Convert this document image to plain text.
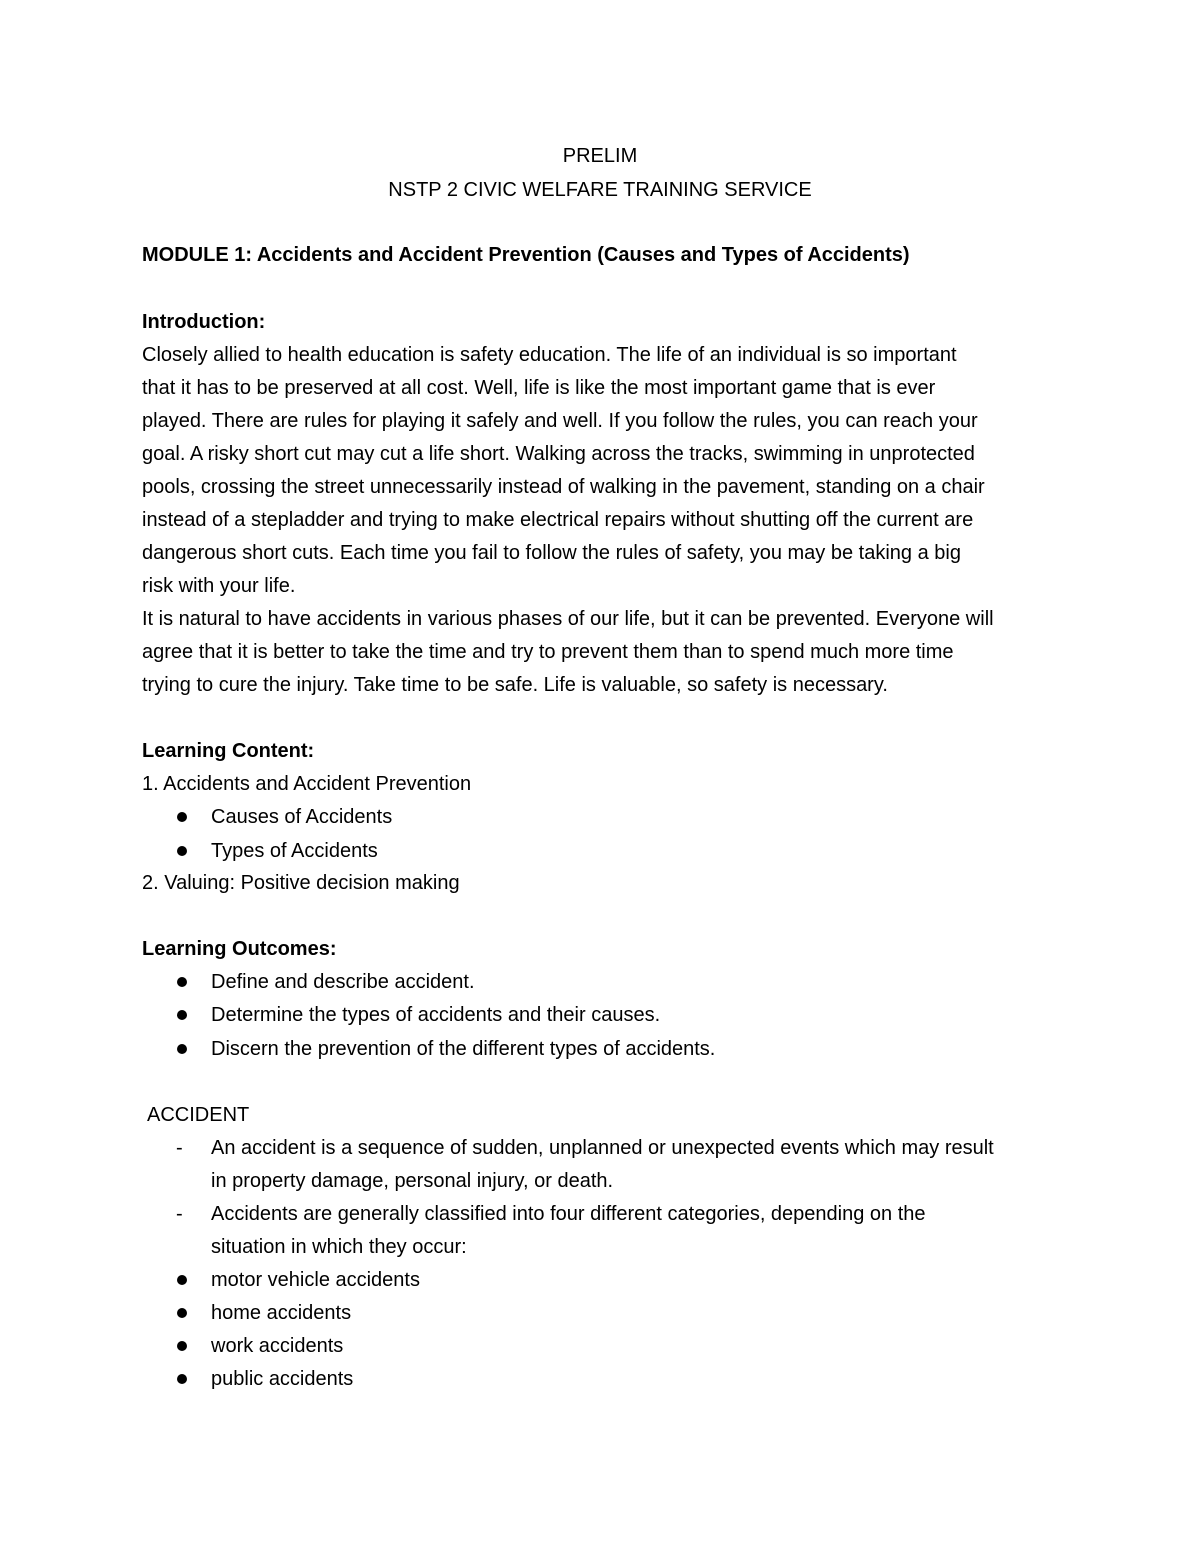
PRELIM
NSTP 2 CIVIC WELFARE TRAINING SERVICE
MODULE 1: Accidents and Accident Prevention (Causes and Types of Accidents)
Introduction:
Closely allied to health education is safety education. The life of an individual is so important
that it has to be preserved at all cost. Well, life is like the most important game that is ever
played. There are rules for playing it safely and well. If you follow the rules, you can reach your
goal. A risky short cut may cut a life short. Walking across the tracks, swimming in unprotected
pools, crossing the street unnecessarily instead of walking in the pavement, standing on a chair
instead of a stepladder and trying to make electrical repairs without shutting off the current are
dangerous short cuts. Each time you fail to follow the rules of safety, you may be taking a big
risk with your life.
It is natural to have accidents in various phases of our life, but it can be prevented. Everyone will
agree that it is better to take the time and try to prevent them than to spend much more time
trying to cure the injury. Take time to be safe. Life is valuable, so safety is necessary.
Learning Content:
1. Accidents and Accident Prevention
Causes of Accidents
Types of Accidents
2. Valuing: Positive decision making
Learning Outcomes:
Define and describe accident.
Determine the types of accidents and their causes.
Discern the prevention of the different types of accidents.
ACCIDENT
- An accident is a sequence of sudden, unplanned or unexpected events which may result
in property damage, personal injury, or death.
- Accidents are generally classified into four different categories, depending on the
situation in which they occur:
motor vehicle accidents
home accidents
work accidents
public accidents
